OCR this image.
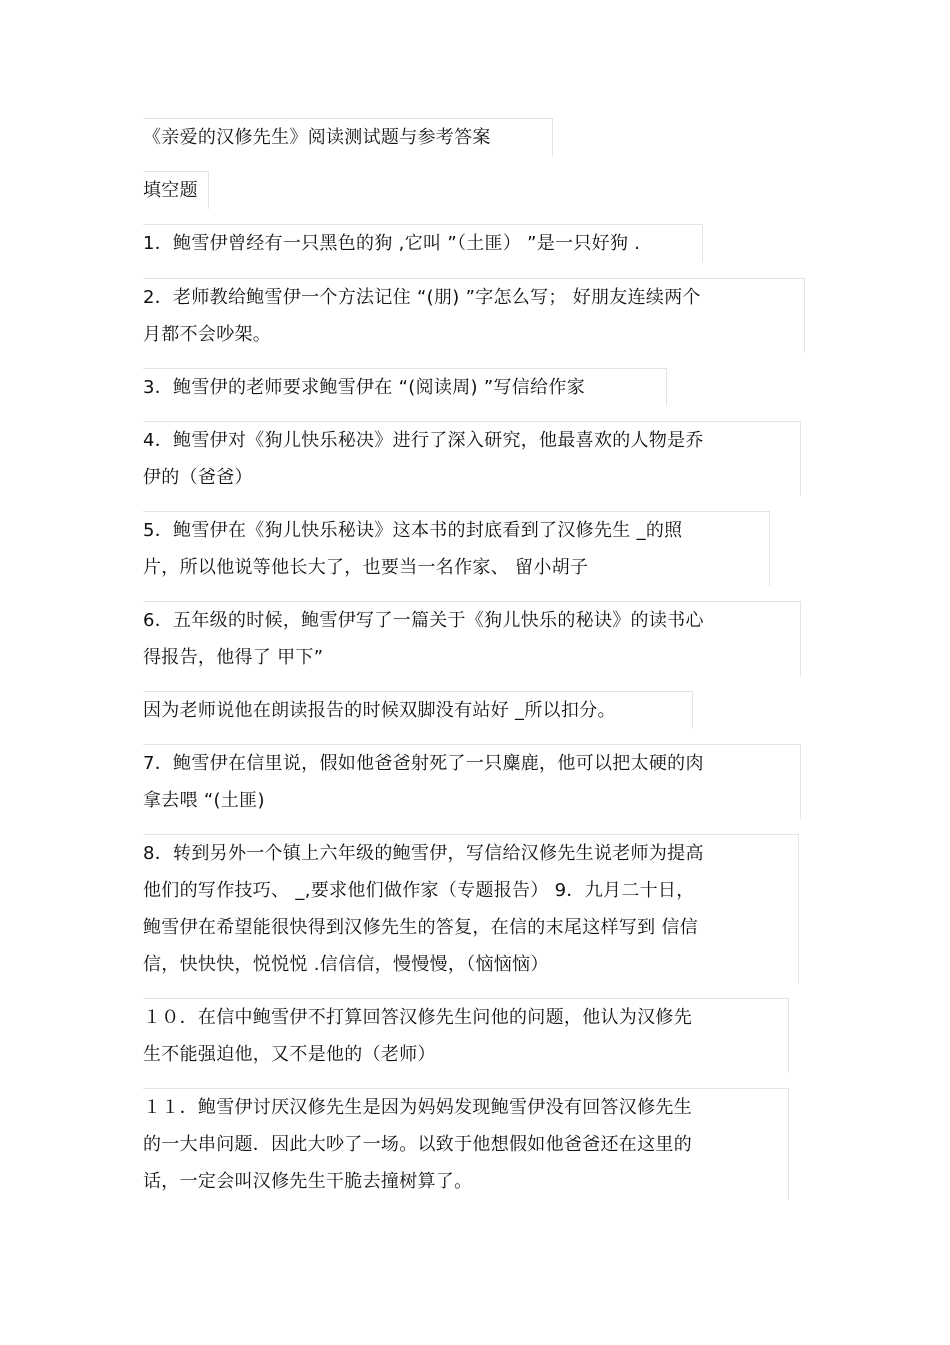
《亲爱的汉修先生》阅读测试题与参考答案
填空题
1．鲍雪伊曾经有一只黑色的狗 ,它叫 ”（土匪） ”是一只好狗 .
2．老师教给鲍雪伊一个方法记住 “(朋) ”字怎么写； 好朋友连续两个
月都不会吵架。
3．鲍雪伊的老师要求鲍雪伊在 “(阅读周) ”写信给作家
4．鲍雪伊对《狗儿快乐秘决》进行了深入研究，他最喜欢的人物是乔
伊的（爸爸）
5．鲍雪伊在《狗儿快乐秘诀》这本书的封底看到了汉修先生 _的照
片，所以他说等他长大了，也要当一名作家、 留小胡子
6．五年级的时候，鲍雪伊写了一篇关于《狗儿快乐的秘诀》的读书心
得报告，他得了 甲下”
因为老师说他在朗读报告的时候双脚没有站好 _所以扣分。
7．鲍雪伊在信里说，假如他爸爸射死了一只麋鹿，他可以把太硬的肉
拿去喂 “(土匪)
8．转到另外一个镇上六年级的鲍雪伊，写信给汉修先生说老师为提高
他们的写作技巧、 _,要求他们做作家（专题报告） 9．九月二十日，
鲍雪伊在希望能很快得到汉修先生的答复，在信的末尾这样写到 信信
信，快快快，悦悦悦 .信信信，慢慢慢，（恼恼恼）
１０．在信中鲍雪伊不打算回答汉修先生问他的问题，他认为汉修先
生不能强迫他，又不是他的（老师）
１１．鲍雪伊讨厌汉修先生是因为妈妈发现鲍雪伊没有回答汉修先生
的一大串问题．因此大吵了一场。以致于他想假如他爸爸还在这里的
话，一定会叫汉修先生干脆去撞树算了。
